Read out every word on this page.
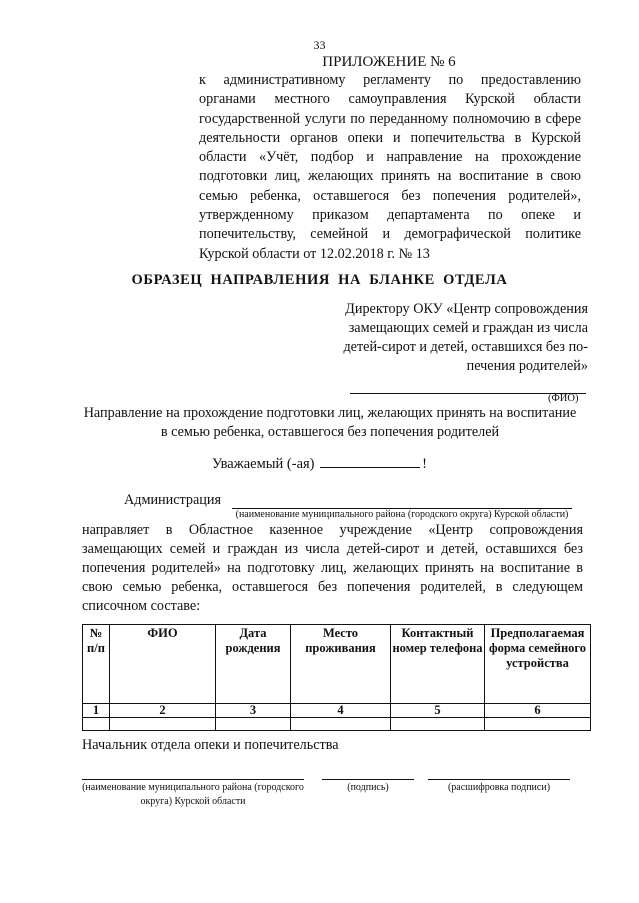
33
ПРИЛОЖЕНИЕ № 6
к административному регламенту по предоставлению органами местного самоуправления Курской области государственной услуги по переданному полномочию в сфере деятельности органов опеки и попечительства в Курской области «Учёт, подбор и направление на прохождение подготовки лиц, желающих принять на воспитание в свою семью ребенка, оставшегося без попечения родителей», утвержденному приказом департамента по опеке и попечительству, семейной и демографической политике Курской области от 12.02.2018 г. № 13
ОБРАЗЕЦ НАПРАВЛЕНИЯ НА БЛАНКЕ ОТДЕЛА
Директору ОКУ «Центр сопровождения
замещающих семей и граждан из числа
детей-сирот и детей, оставшихся без по-
печения родителей»
(ФИО)
Направление на прохождение подготовки лиц, желающих принять на воспитание в семью ребенка, оставшегося без попечения родителей
Уважаемый (-ая)	!
Администрация
(наименование муниципального района (городского округа) Курской области)
направляет в Областное казенное учреждение «Центр сопровождения замещающих семей и граждан из числа детей-сирот и детей, оставшихся без попечения родителей» на подготовку лиц, желающих принять на воспитание в свою семью ребенка, оставшегося без попечения родителей, в следующем списочном составе:
№ п/п	ФИО	Дата рождения	Место проживания	Контактный номер телефона	Предполагаемая форма семейного устройства
1	2	3	4	5	6

Начальник отдела опеки и попечительства
(наименование муниципального района (городского округа) Курской области
(подпись)	(расшифровка подписи)
